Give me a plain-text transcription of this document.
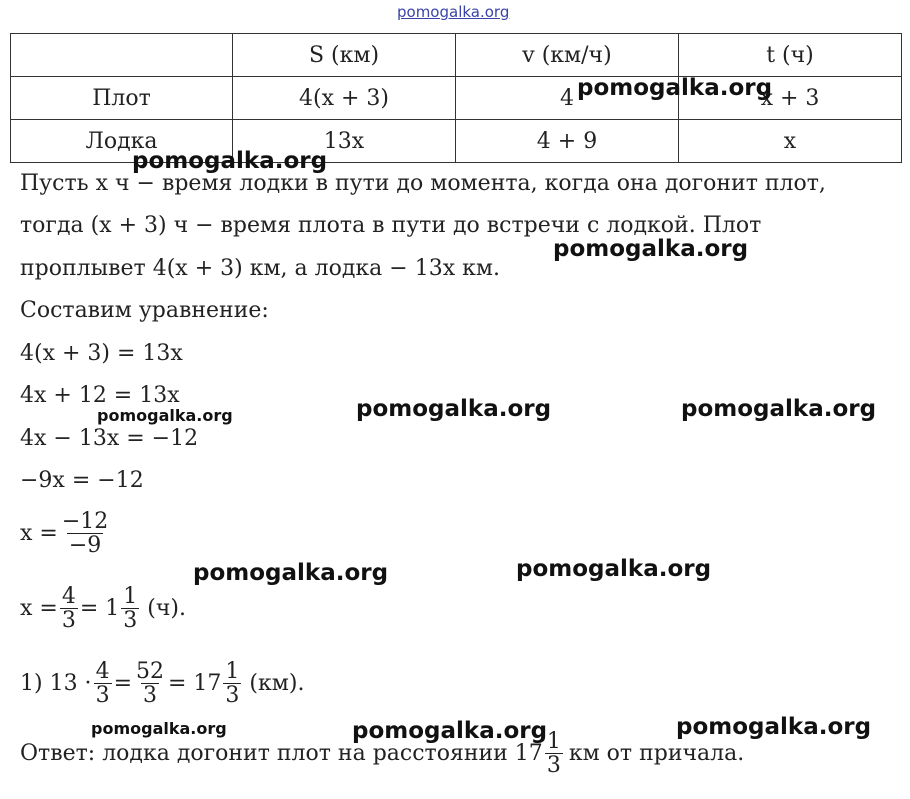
pomogalka.org
	S (км)	v (км/ч)	t (ч)
Плот	4(x + 3)	4	x + 3
Лодка	13x	4 + 9	x
Пусть x ч − время лодки в пути до момента, когда она догонит плот,
тогда (x + 3) ч − время плота в пути до встречи с лодкой. Плот
проплывет 4(x + 3) км, а лодка − 13x км.
Составим уравнение:
4(x + 3) = 13x
4x + 12 = 13x
4x − 13x = −12
−9x = −12
$x = \frac{-12}{-9}$
$x = \frac{4}{3} = 1 \frac{1}{3} (ч)$.
1) $13 \cdot \frac{4}{3} = \frac{52}{3} = 17 \frac{1}{3} (км)$.
Ответ: лодка догонит плот на расстоянии $17 \frac{1}{3}$ км от причала.
pomogalka.org
pomogalka.org
pomogalka.org
pomogalka.org	pomogalka.org	pomogalka.org
pomogalka.org	pomogalka.org
pomogalka.org	pomogalka.org	pomogalka.org
